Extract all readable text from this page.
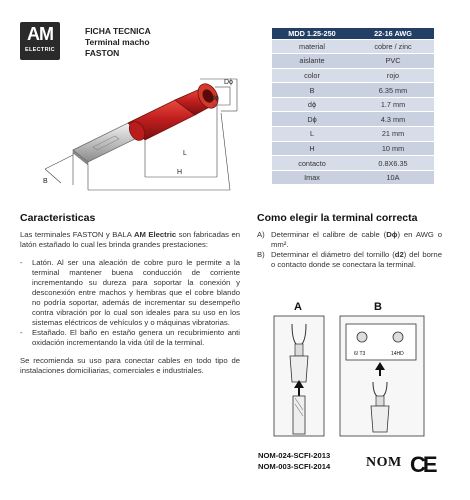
AM
ELECTRIC
FICHA TECNICA
Terminal macho
FASTON
MDD 1.25-250	22-16 AWG
material	cobre / zinc
aislante	PVC
color	rojo
B	6.35 mm
dϕ	1.7 mm
Dϕ	4.3 mm
L	21 mm
H	10 mm
contacto	0.8X6.35
Imax	10A
Dϕ
dϕ
B
L
H
Caracteristicas

Las terminales FASTON y BALA AM Electric son fabricadas en latón estañado lo cual les brinda grandes prestaciones:

-	Latón. Al ser una aleación de cobre puro le permite a la terminal mantener buena conducción de corriente incrementando su dureza para soportar la conexión y desconexión entre machos y hembras que el cobre blando no podría soportar, además de incrementar su desempeño contra vibración por lo cual son ideales para su uso en los sistemas eléctricos de vehículos y o máquinas vibratorias.
-	Estañado. El baño en estaño genera un recubrimiento anti oxidación incrementando la vida útil de la terminal.

Se recomienda su uso para conectar cables en todo tipo de instalaciones domiciliarias, comerciales e industriales.

Como elegir la terminal correcta
A) Determinar el calibre de cable (Dϕ) en AWG o mm².
B) Determinar el diámetro del tornillo (d2) del borne o contacto donde se conectara la terminal.
A	B
6/ T3	14HD
NOM-024-SCFI-2013
NOM-003-SCFI-2014	NOM CE
